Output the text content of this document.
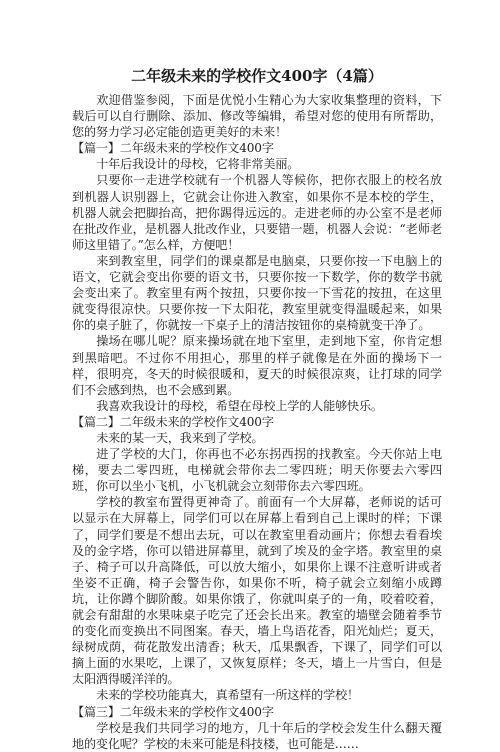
二年级未来的学校作文400字（4篇）

欢迎借鉴参阅，下面是优悦小生精心为大家收集整理的资料，下载后可以自行删除、添加、修改等编辑，希望对您的使用有所帮助，您的努力学习必定能创造更美好的未来！

【篇一】二年级未来的学校作文400字

十年后我设计的母校，它将非常美丽。

只要你一走进学校就有一个机器人等候你，把你衣服上的校名放到机器人识别器上，它就会让你进入教室，如果你不是本校的学生，机器人就会把脚抬高，把你踢得远远的。走进老师的办公室不是老师在批改作业，是机器人批改作业，只要错一题，机器人会说：“老师老师这里错了。”怎么样，方便吧！

来到教室里，同学们的课桌都是电脑桌，只要你按一下电脑上的语文，它就会变出你要的语文书，只要你按一下数学，你的数学书就会变出来了。教室里有两个按扭，只要你按一下雪花的按扭，在这里就变得很凉快。只要你按一下太阳花，教室里就变得温暖起来，如果你的桌子脏了，你就按一下桌子上的清洁按钮你的桌椅就变干净了。

操场在哪儿呢？原来操场就在地下室里，走到地下室，你肯定想到黑暗吧。不过你不用担心，那里的样子就像是在外面的操场下一样，很明亮，冬天的时候很暖和，夏天的时候很凉爽，让打球的同学们不会感到热，也不会感到累。

我喜欢我设计的母校，希望在母校上学的人能够快乐。

【篇二】二年级未来的学校作文400字

未来的某一天，我来到了学校。

进了学校的大门，你再也不必东拐西拐的找教室。今天你站上电梯，要去二零四班，电梯就会带你去二零四班；明天你要去六零四班，你可以坐小飞机，小飞机就会立刻带你去六零四班。

学校的教室布置得更神奇了。前面有一个大屏幕，老师说的话可以显示在大屏幕上，同学们可以在屏幕上看到自己上课时的样；下课了，同学们要是不想出去玩，可以在教室里看动画片；你想去看看埃及的金字塔，你可以错进屏幕里，就到了埃及的金字塔。教室里的桌子、椅子可以升高降低，可以放大缩小，如果你上课不注意听讲或者坐姿不正确，椅子会警告你，如果你不听，椅子就会立刻缩小成蹲坑，让你蹲个脚阶酸。如果你饿了，你就叫桌子的一角，咬着咬着，就会有甜甜的水果味桌子吃完了还会长出来。教室的墙壁会随着季节的变化而变换出不同图案。春天，墙上鸟语花香，阳光灿烂；夏天，绿树成荫，荷花散发出清香；秋天，瓜果飘香，下课了，同学们可以摘上面的水果吃，上课了，又恢复原样；冬天，墙上一片雪白，但是太阳洒得暖洋洋的。

未来的学校功能真大，真希望有一所这样的学校！

【篇三】二年级未来的学校作文400字

学校是我们共同学习的地方，几十年后的学校会发生什么翻天覆地的变化呢？学校的未来可能是科技楼，也可能是……
